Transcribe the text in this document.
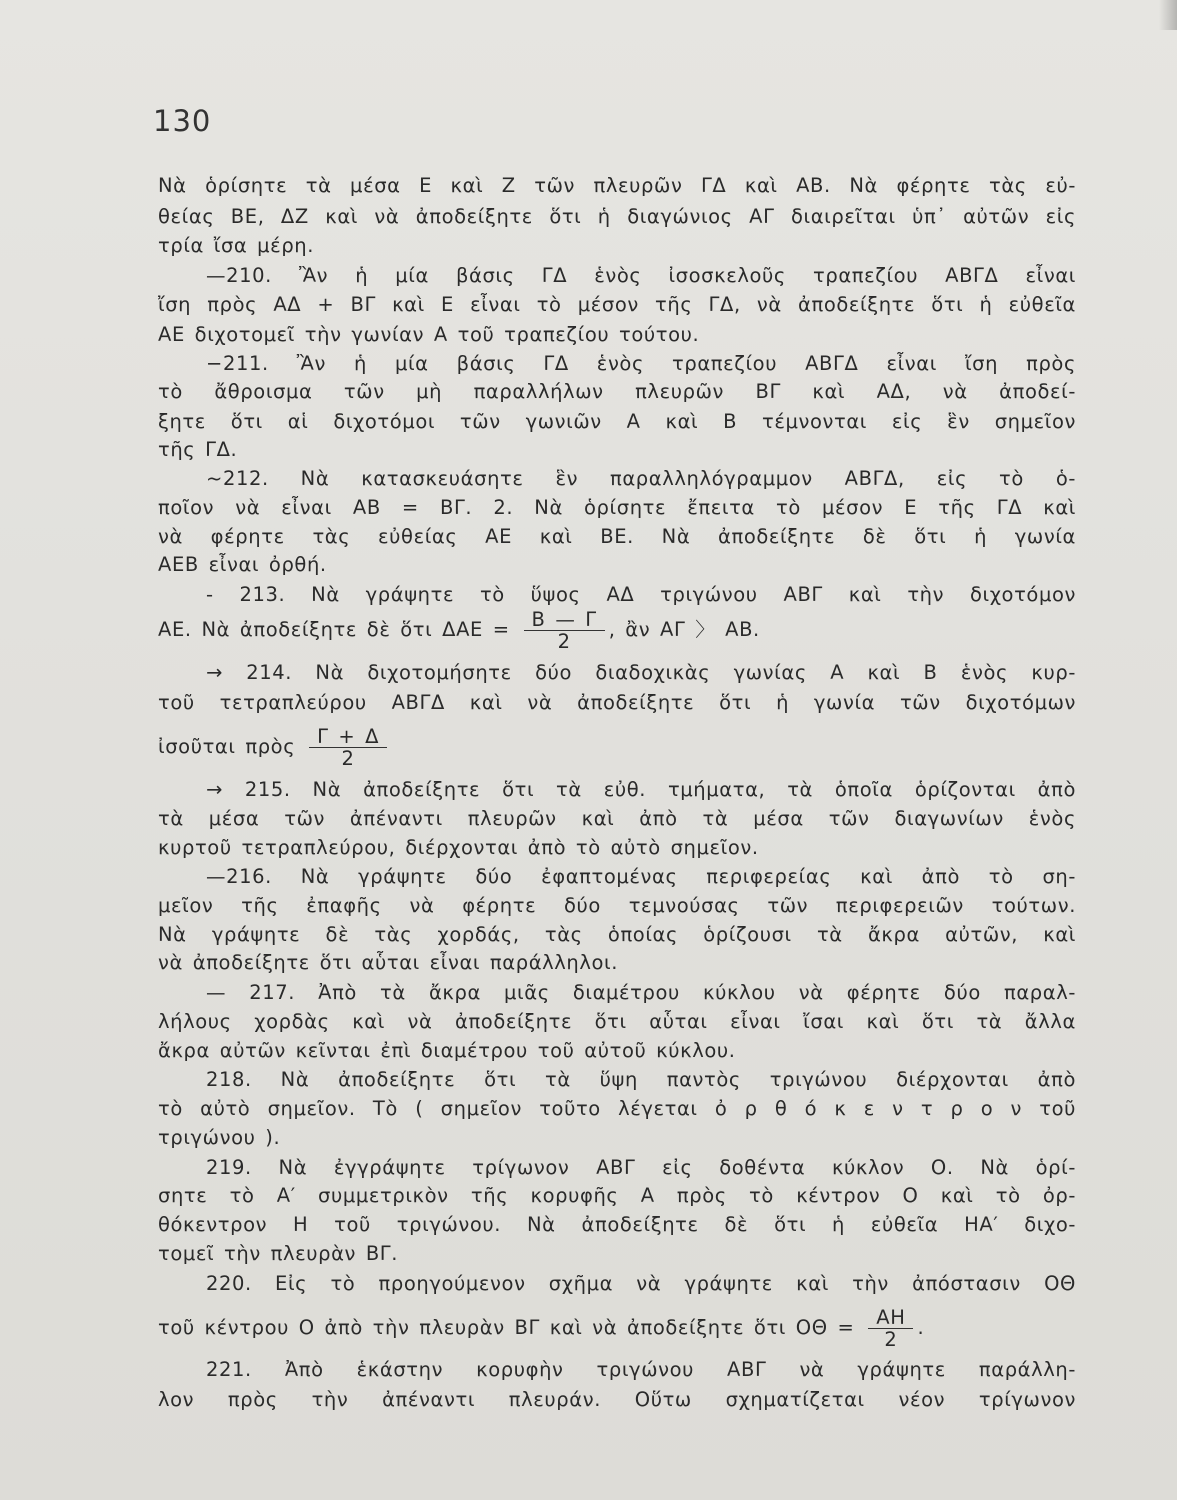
130
Νὰ ὁρίσητε τὰ μέσα Ε καὶ Ζ τῶν πλευρῶν ΓΔ καὶ ΑΒ. Νὰ φέρητε τὰς εὐ-
θείας ΒΕ, ΔΖ καὶ νὰ ἀποδείξητε ὅτι ἡ διαγώνιος ΑΓ διαιρεῖται ὑπ᾽ αὐτῶν εἰς
τρία ἴσα μέρη.
—210. Ἂν ἡ μία βάσις ΓΔ ἑνὸς ἰσοσκελοῦς τραπεζίου ΑΒΓΔ εἶναι
ἴση πρὸς ΑΔ + ΒΓ καὶ Ε εἶναι τὸ μέσον τῆς ΓΔ, νὰ ἀποδείξητε ὅτι ἡ εὐθεῖα
ΑΕ διχοτομεῖ τὴν γωνίαν Α τοῦ τραπεζίου τούτου.
−211. Ἂν ἡ μία βάσις ΓΔ ἑνὸς τραπεζίου ΑΒΓΔ εἶναι ἴση πρὸς
τὸ ἄθροισμα τῶν μὴ παραλλήλων πλευρῶν ΒΓ καὶ ΑΔ, νὰ ἀποδεί-
ξητε ὅτι αἱ διχοτόμοι τῶν γωνιῶν Α καὶ Β τέμνονται εἰς ἓν σημεῖον
τῆς ΓΔ.
~212. Νὰ κατασκευάσητε ἓν παραλληλόγραμμον ΑΒΓΔ, εἰς τὸ ὁ-
ποῖον νὰ εἶναι ΑΒ = ΒΓ. 2. Νὰ ὁρίσητε ἔπειτα τὸ μέσον Ε τῆς ΓΔ καὶ
νὰ φέρητε τὰς εὐθείας ΑΕ καὶ ΒΕ. Νὰ ἀποδείξητε δὲ ὅτι ἡ γωνία
ΑΕΒ εἶναι ὀρθή.
- 213. Νὰ γράψητε τὸ ὕψος ΑΔ τριγώνου ΑΒΓ καὶ τὴν διχοτόμον
ΑΕ. Νὰ ἀποδείξητε δὲ ὅτι $\Delta AE = \frac{B — \Gamma}{2}$ , ἂν ΑΓ 〉 ΑΒ.
→ 214. Νὰ διχοτομήσητε δύο διαδοχικὰς γωνίας Α καὶ Β ἑνὸς κυρ-
τοῦ τετραπλεύρου ΑΒΓΔ καὶ νὰ ἀποδείξητε ὅτι ἡ γωνία τῶν διχοτόμων
ἰσοῦται πρὸς $\frac{\Gamma + \Delta}{2}$
→ 215. Νὰ ἀποδείξητε ὅτι τὰ εὐθ. τμήματα, τὰ ὁποῖα ὁρίζονται ἀπὸ
τὰ μέσα τῶν ἀπέναντι πλευρῶν καὶ ἀπὸ τὰ μέσα τῶν διαγωνίων ἑνὸς
κυρτοῦ τετραπλεύρου, διέρχονται ἀπὸ τὸ αὐτὸ σημεῖον.
—216. Νὰ γράψητε δύο ἐφαπτομένας περιφερείας καὶ ἀπὸ τὸ ση-
μεῖον τῆς ἐπαφῆς νὰ φέρητε δύο τεμνούσας τῶν περιφερειῶν τούτων.
Νὰ γράψητε δὲ τὰς χορδάς, τὰς ὁποίας ὁρίζουσι τὰ ἄκρα αὐτῶν, καὶ
νὰ ἀποδείξητε ὅτι αὗται εἶναι παράλληλοι.
— 217. Ἀπὸ τὰ ἄκρα μιᾶς διαμέτρου κύκλου νὰ φέρητε δύο παραλ-
λήλους χορδὰς καὶ νὰ ἀποδείξητε ὅτι αὗται εἶναι ἴσαι καὶ ὅτι τὰ ἄλλα
ἄκρα αὐτῶν κεῖνται ἐπὶ διαμέτρου τοῦ αὐτοῦ κύκλου.
218. Νὰ ἀποδείξητε ὅτι τὰ ὕψη παντὸς τριγώνου διέρχονται ἀπὸ
τὸ αὐτὸ σημεῖον. Τὸ ( σημεῖον τοῦτο λέγεται ὀ ρ θ ό κ ε ν τ ρ ο ν τοῦ
τριγώνου ).
219. Νὰ ἐγγράψητε τρίγωνον ΑΒΓ εἰς δοθέντα κύκλον Ο. Νὰ ὁρί-
σητε τὸ Α′ συμμετρικὸν τῆς κορυφῆς Α πρὸς τὸ κέντρον Ο καὶ τὸ ὀρ-
θόκεντρον Η τοῦ τριγώνου. Νὰ ἀποδείξητε δὲ ὅτι ἡ εὐθεῖα ΗΑ′ διχο-
τομεῖ τὴν πλευρὰν ΒΓ.
220. Εἰς τὸ προηγούμενον σχῆμα νὰ γράψητε καὶ τὴν ἀπόστασιν ΟΘ
τοῦ κέντρου Ο ἀπὸ τὴν πλευρὰν ΒΓ καὶ νὰ ἀποδείξητε ὅτι $O\Theta = \frac{AH}{2}$ .
221. Ἀπὸ ἑκάστην κορυφὴν τριγώνου ΑΒΓ νὰ γράψητε παράλλη-
λον πρὸς τὴν ἀπέναντι πλευράν. Οὕτω σχηματίζεται νέον τρίγωνον
